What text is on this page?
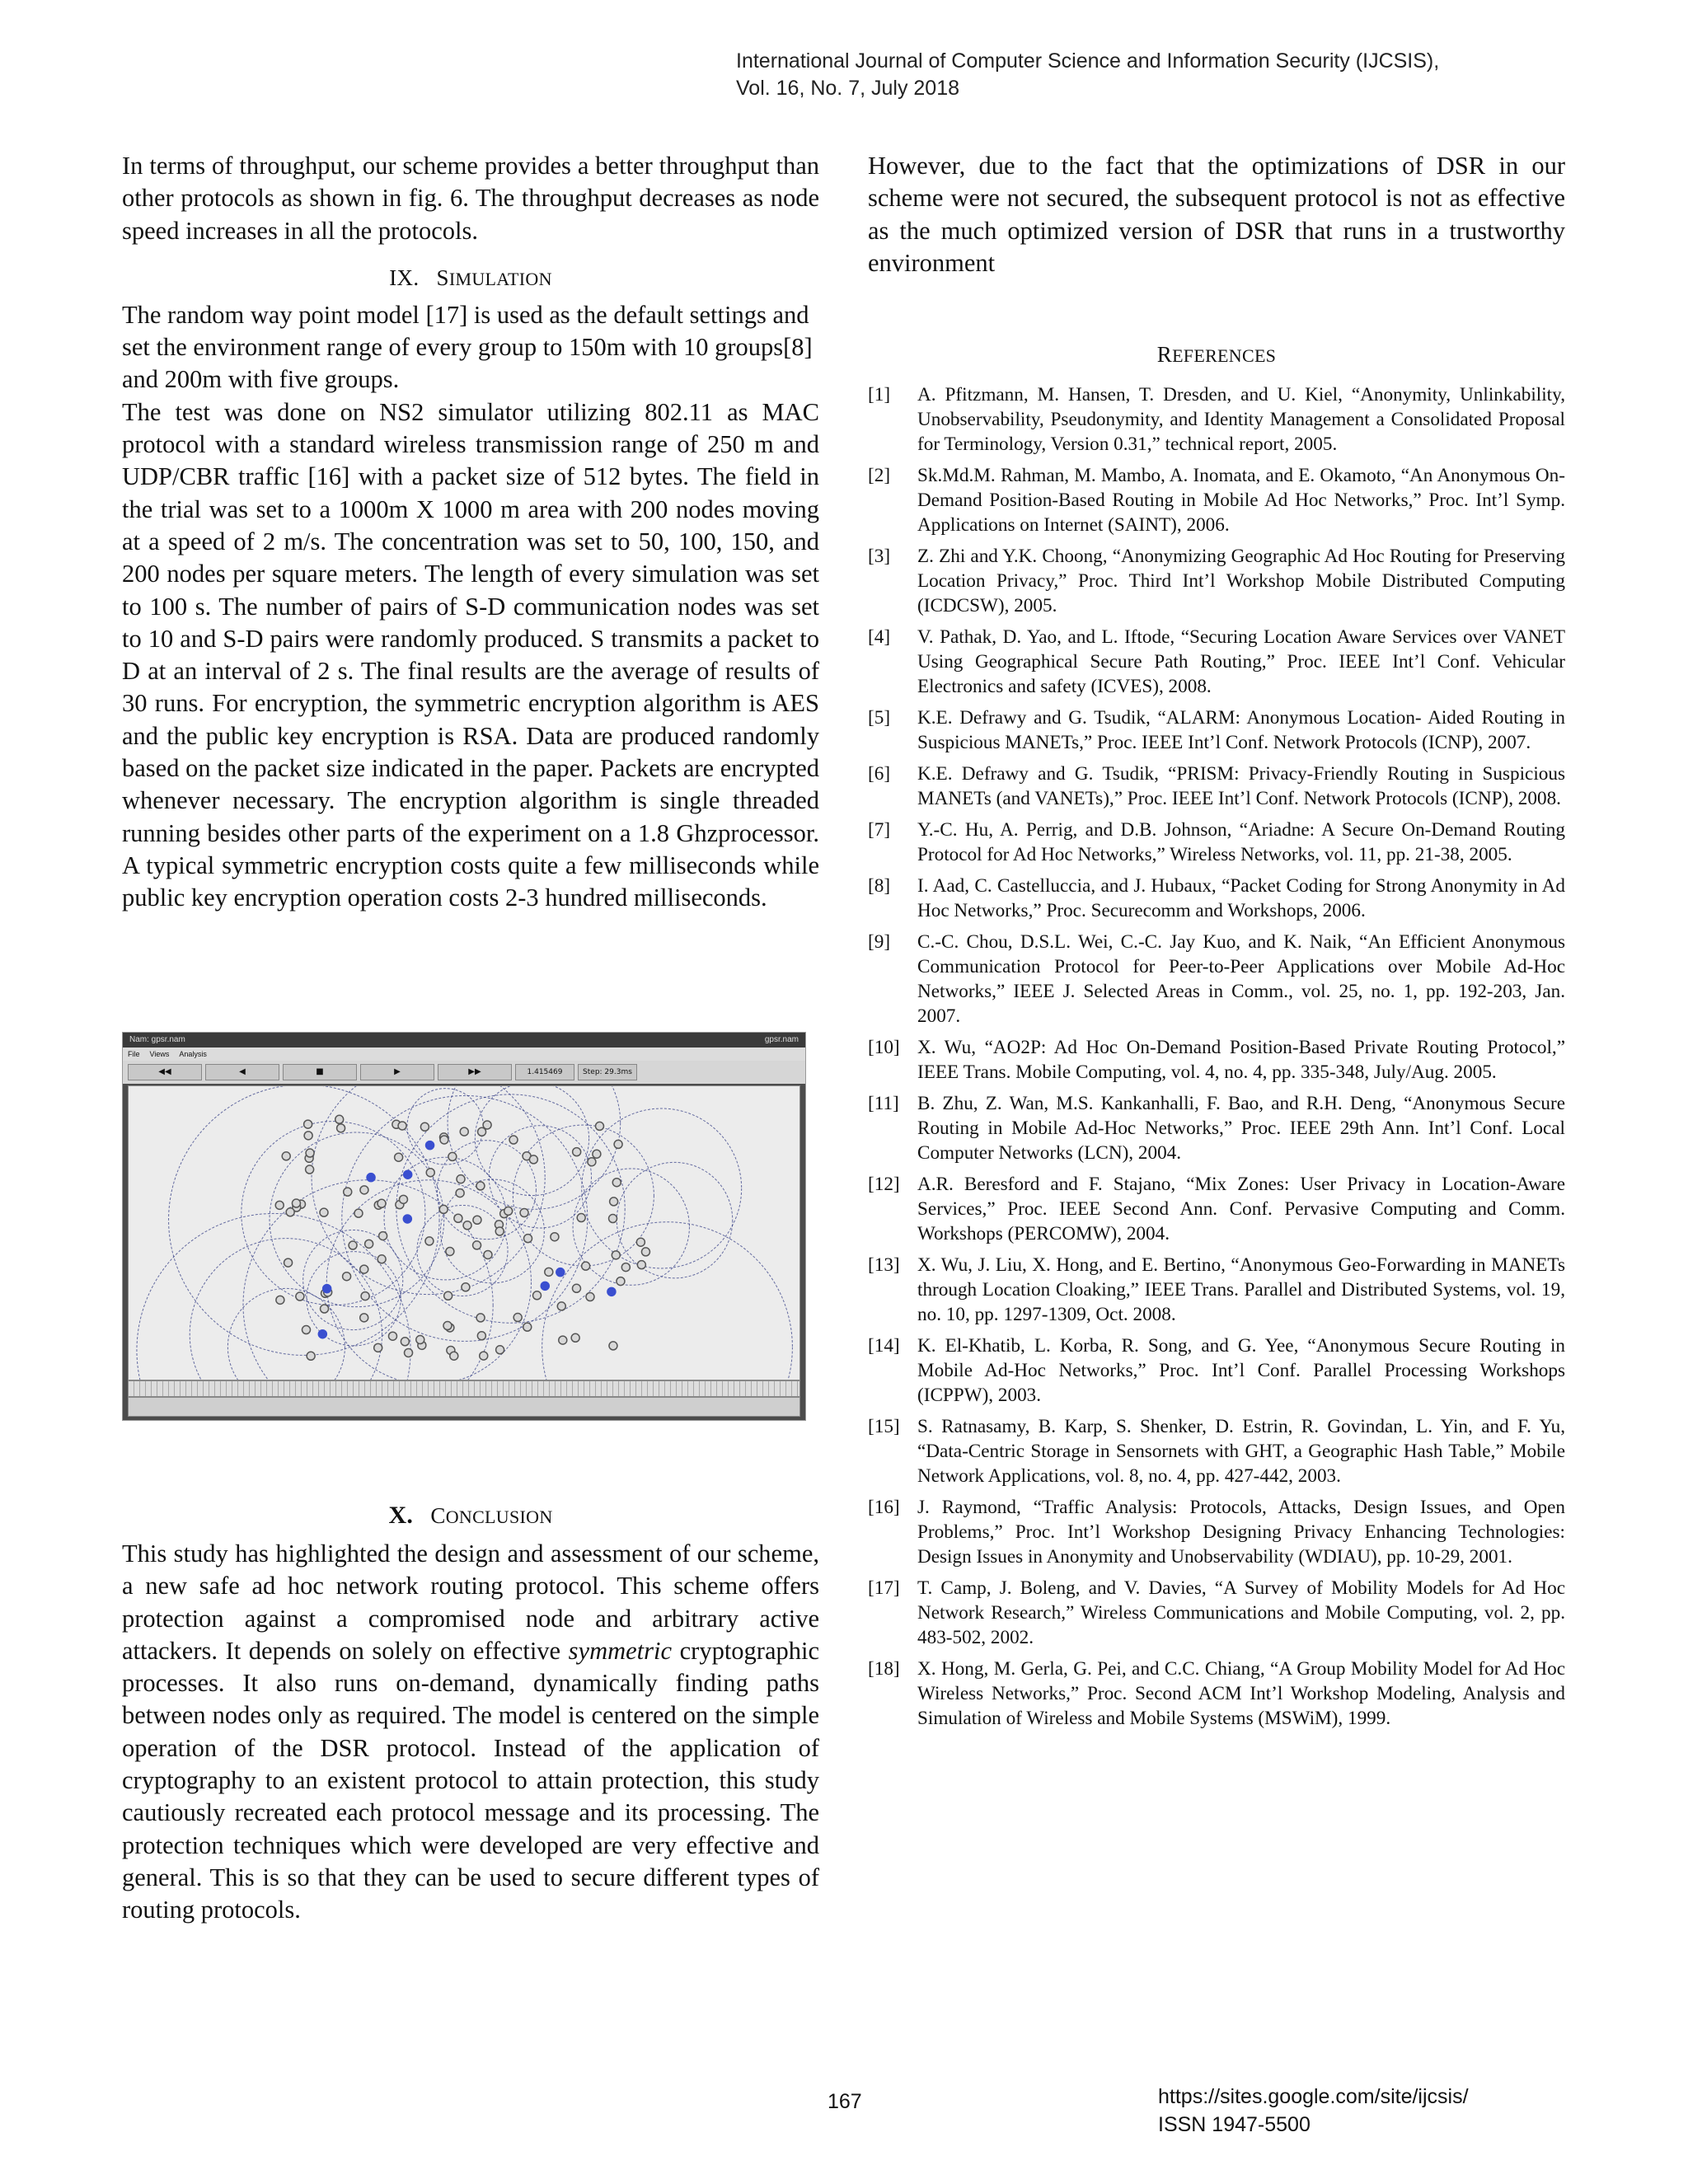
International Journal of Computer Science and Information Security (IJCSIS),
Vol. 16, No. 7, July 2018

In terms of throughput, our scheme provides a better throughput than other protocols as shown in fig. 6. The throughput decreases as node speed increases in all the protocols.

IX. SIMULATION

The random way point model [17] is used as the default settings and set the environment range of every group to 150m with 10 groups[8] and 200m with five groups.

The test was done on NS2 simulator utilizing 802.11 as MAC protocol with a standard wireless transmission range of 250 m and UDP/CBR traffic [16] with a packet size of 512 bytes. The field in the trial was set to a 1000m X 1000 m area with 200 nodes moving at a speed of 2 m/s. The concentration was set to 50, 100, 150, and 200 nodes per square meters. The length of every simulation was set to 100 s. The number of pairs of S-D communication nodes was set to 10 and S-D pairs were randomly produced. S transmits a packet to D at an interval of 2 s. The final results are the average of results of 30 runs. For encryption, the symmetric encryption algorithm is AES and the public key encryption is RSA. Data are produced randomly based on the packet size indicated in the paper. Packets are encrypted whenever necessary. The encryption algorithm is single threaded running besides other parts of the experiment on a 1.8 Ghzprocessor. A typical symmetric encryption costs quite a few milliseconds while public key encryption operation costs 2-3 hundred milliseconds.

Nam: gpsr.nam	gpsr.nam
File Views Analysis
◀◀	◀	■	▶	▶▶	1.415469	Step: 29.3ms
X. CONCLUSION

This study has highlighted the design and assessment of our scheme, a new safe ad hoc network routing protocol. This scheme offers protection against a compromised node and arbitrary active attackers. It depends on solely on effective symmetric cryptographic processes. It also runs on-demand, dynamically finding paths between nodes only as required. The model is centered on the simple operation of the DSR protocol. Instead of the application of cryptography to an existent protocol to attain protection, this study cautiously recreated each protocol message and its processing. The protection techniques which were developed are very effective and general. This is so that they can be used to secure different types of routing protocols.

However, due to the fact that the optimizations of DSR in our scheme were not secured, the subsequent protocol is not as effective as the much optimized version of DSR that runs in a trustworthy environment

REFERENCES
[1]	A. Pfitzmann, M. Hansen, T. Dresden, and U. Kiel, “Anonymity, Unlinkability, Unobservability, Pseudonymity, and Identity Management a Consolidated Proposal for Terminology, Version 0.31,” technical report, 2005.
[2]	Sk.Md.M. Rahman, M. Mambo, A. Inomata, and E. Okamoto, “An Anonymous On-Demand Position-Based Routing in Mobile Ad Hoc Networks,” Proc. Int’l Symp. Applications on Internet (SAINT), 2006.
[3]	Z. Zhi and Y.K. Choong, “Anonymizing Geographic Ad Hoc Routing for Preserving Location Privacy,” Proc. Third Int’l Workshop Mobile Distributed Computing (ICDCSW), 2005.
[4]	V. Pathak, D. Yao, and L. Iftode, “Securing Location Aware Services over VANET Using Geographical Secure Path Routing,” Proc. IEEE Int’l Conf. Vehicular Electronics and safety (ICVES), 2008.
[5]	K.E. Defrawy and G. Tsudik, “ALARM: Anonymous Location- Aided Routing in Suspicious MANETs,” Proc. IEEE Int’l Conf. Network Protocols (ICNP), 2007.
[6]	K.E. Defrawy and G. Tsudik, “PRISM: Privacy-Friendly Routing in Suspicious MANETs (and VANETs),” Proc. IEEE Int’l Conf. Network Protocols (ICNP), 2008.
[7]	Y.-C. Hu, A. Perrig, and D.B. Johnson, “Ariadne: A Secure On-Demand Routing Protocol for Ad Hoc Networks,” Wireless Networks, vol. 11, pp. 21-38, 2005.
[8]	I. Aad, C. Castelluccia, and J. Hubaux, “Packet Coding for Strong Anonymity in Ad Hoc Networks,” Proc. Securecomm and Workshops, 2006.
[9]	C.-C. Chou, D.S.L. Wei, C.-C. Jay Kuo, and K. Naik, “An Efficient Anonymous Communication Protocol for Peer-to-Peer Applications over Mobile Ad-Hoc Networks,” IEEE J. Selected Areas in Comm., vol. 25, no. 1, pp. 192-203, Jan. 2007.
[10] X. Wu, “AO2P: Ad Hoc On-Demand Position-Based Private Routing Protocol,” IEEE Trans. Mobile Computing, vol. 4, no. 4, pp. 335-348, July/Aug. 2005.
[11] B. Zhu, Z. Wan, M.S. Kankanhalli, F. Bao, and R.H. Deng, “Anonymous Secure Routing in Mobile Ad-Hoc Networks,” Proc. IEEE 29th Ann. Int’l Conf. Local Computer Networks (LCN), 2004.
[12] A.R. Beresford and F. Stajano, “Mix Zones: User Privacy in Location-Aware Services,” Proc. IEEE Second Ann. Conf. Pervasive Computing and Comm. Workshops (PERCOMW), 2004.
[13] X. Wu, J. Liu, X. Hong, and E. Bertino, “Anonymous Geo-Forwarding in MANETs through Location Cloaking,” IEEE Trans. Parallel and Distributed Systems, vol. 19, no. 10, pp. 1297-1309, Oct. 2008.
[14] K. El-Khatib, L. Korba, R. Song, and G. Yee, “Anonymous Secure Routing in Mobile Ad-Hoc Networks,” Proc. Int’l Conf. Parallel Processing Workshops (ICPPW), 2003.
[15] S. Ratnasamy, B. Karp, S. Shenker, D. Estrin, R. Govindan, L. Yin, and F. Yu, “Data-Centric Storage in Sensornets with GHT, a Geographic Hash Table,” Mobile Network Applications, vol. 8, no. 4, pp. 427-442, 2003.
[16] J. Raymond, “Traffic Analysis: Protocols, Attacks, Design Issues, and Open Problems,” Proc. Int’l Workshop Designing Privacy Enhancing Technologies: Design Issues in Anonymity and Unobservability (WDIAU), pp. 10-29, 2001.
[17] T. Camp, J. Boleng, and V. Davies, “A Survey of Mobility Models for Ad Hoc Network Research,” Wireless Communications and Mobile Computing, vol. 2, pp. 483-502, 2002.
[18] X. Hong, M. Gerla, G. Pei, and C.C. Chiang, “A Group Mobility Model for Ad Hoc Wireless Networks,” Proc. Second ACM Int’l Workshop Modeling, Analysis and Simulation of Wireless and Mobile Systems (MSWiM), 1999.
167	https://sites.google.com/site/ijcsis/
ISSN 1947-5500
